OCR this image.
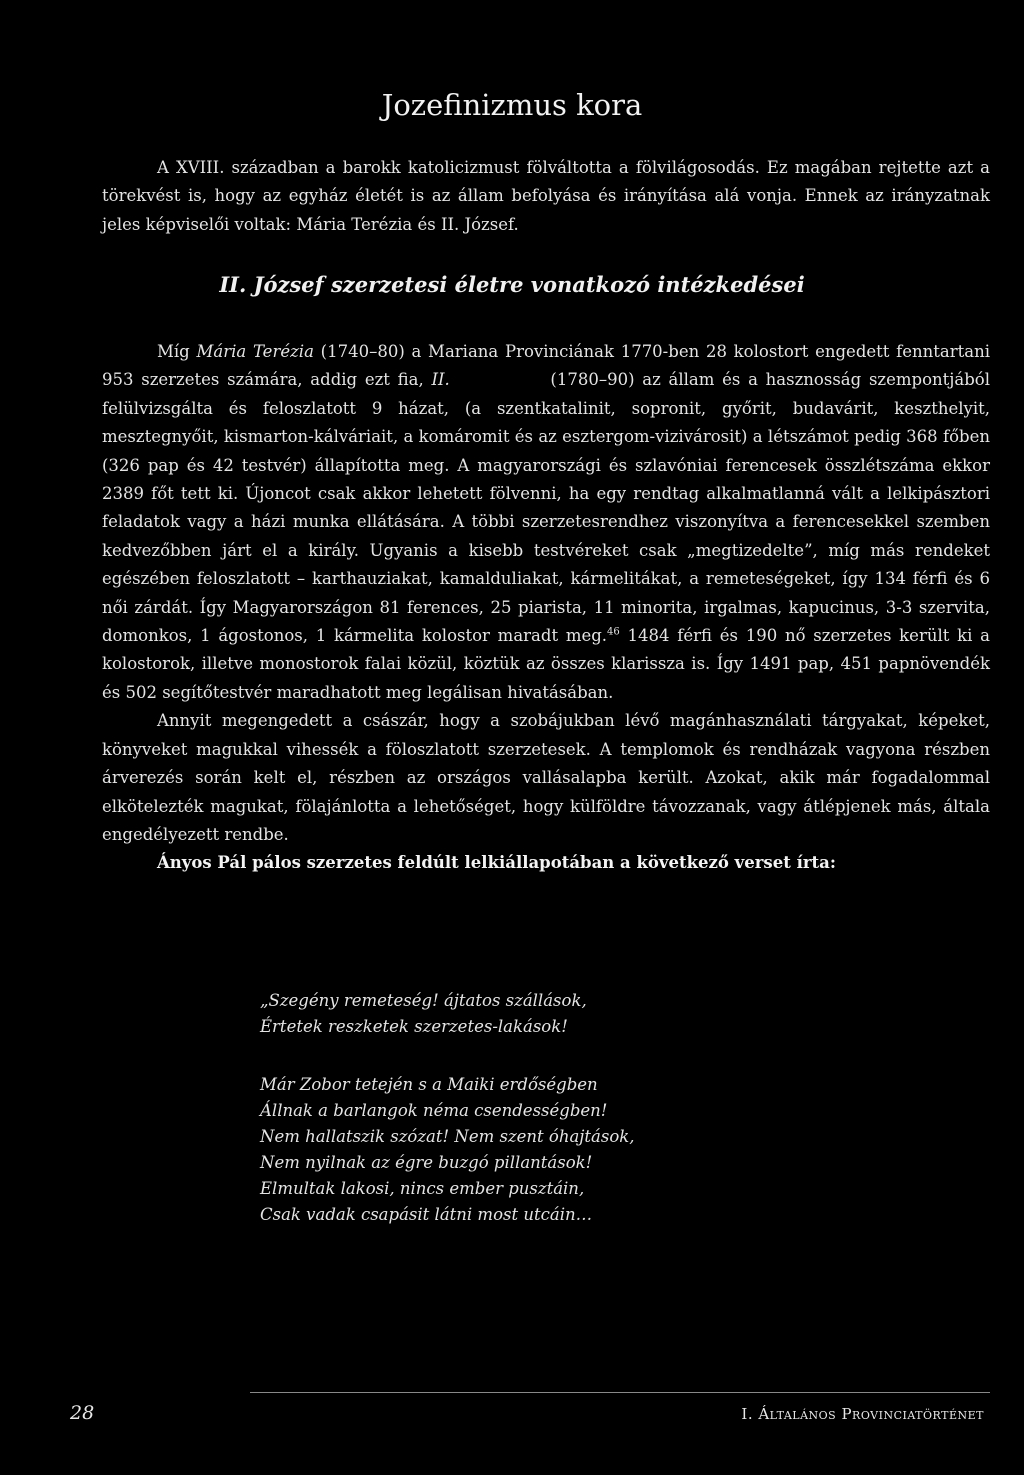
Jozefinizmus kora

A XVIII. században a barokk katolicizmust fölváltotta a fölvilágosodás. Ez magában rejtette azt a törekvést is, hogy az egyház életét is az állam befolyása és irányítása alá vonja. Ennek az irányzatnak jeles képviselői voltak: Mária Terézia és II. József.

II. József szerzetesi életre vonatkozó intézkedései

Míg Mária Terézia (1740–80) a Mariana Provinciának 1770-ben 28 kolostort engedett fenntartani 953 szerzetes számára, addig ezt fia, II.             (1780–90) az állam és a hasznosság szempontjából felülvizsgálta és feloszlatott 9 házat, (a szentkatalinit, sopronit, győrit, budavárit, keszthelyit, mesztegnyőit, kismarton-kálváriait, a komáromit és az esztergom-vizivárosit) a létszámot pedig 368 főben (326 pap és 42 testvér) állapította meg. A magyarországi és szlavóniai ferencesek összlétszáma ekkor 2389 főt tett ki. Újoncot csak akkor lehetett fölvenni, ha egy rendtag alkalmatlanná vált a lelkipásztori feladatok vagy a házi munka ellátására. A többi szerzetesrendhez viszonyítva a ferencesekkel szemben kedvezőbben járt el a király. Ugyanis a kisebb testvéreket csak „megtizedelte”, míg más rendeket egészében feloszlatott – karthauziakat, kamalduliakat, kármelitákat, a remeteségeket, így 134 férfi és 6 női zárdát. Így Magyarországon 81 ferences, 25 piarista, 11 minorita, irgalmas, kapucinus, 3-3 szervita, domonkos, 1 ágostonos, 1 kármelita kolostor maradt meg.$^{46}$ 1484 férfi és 190 nő szerzetes került ki a kolostorok, illetve monostorok falai közül, köztük az összes klarissza is. Így 1491 pap, 451 papnövendék és 502 segítőtestvér maradhatott meg legálisan hivatásában.

Annyit megengedett a császár, hogy a szobájukban lévő magánhasználati tárgyakat, képeket, könyveket magukkal vihessék a föloszlatott szerzetesek. A templomok és rendházak vagyona részben árverezés során kelt el, részben az országos vallásalapba került. Azokat, akik már fogadalommal elkötelezték magukat, fölajánlotta a lehetőséget, hogy külföldre távozzanak, vagy átlépjenek más, általa engedélyezett rendbe.

Ányos Pál pálos szerzetes feldúlt lelkiállapotában a következő verset írta:

„Szegény remeteség! ájtatos szállások,
Értetek reszketek szerzetes-lakások!
Már Zobor tetején s a Maiki erdőségben
Állnak a barlangok néma csendességben!
Nem hallatszik szózat! Nem szent óhajtások,
Nem nyilnak az égre buzgó pillantások!
Elmultak lakosi, nincs ember pusztáin,
Csak vadak csapásit látni most utcáin…
28	I. Általános Provinciatörténet
